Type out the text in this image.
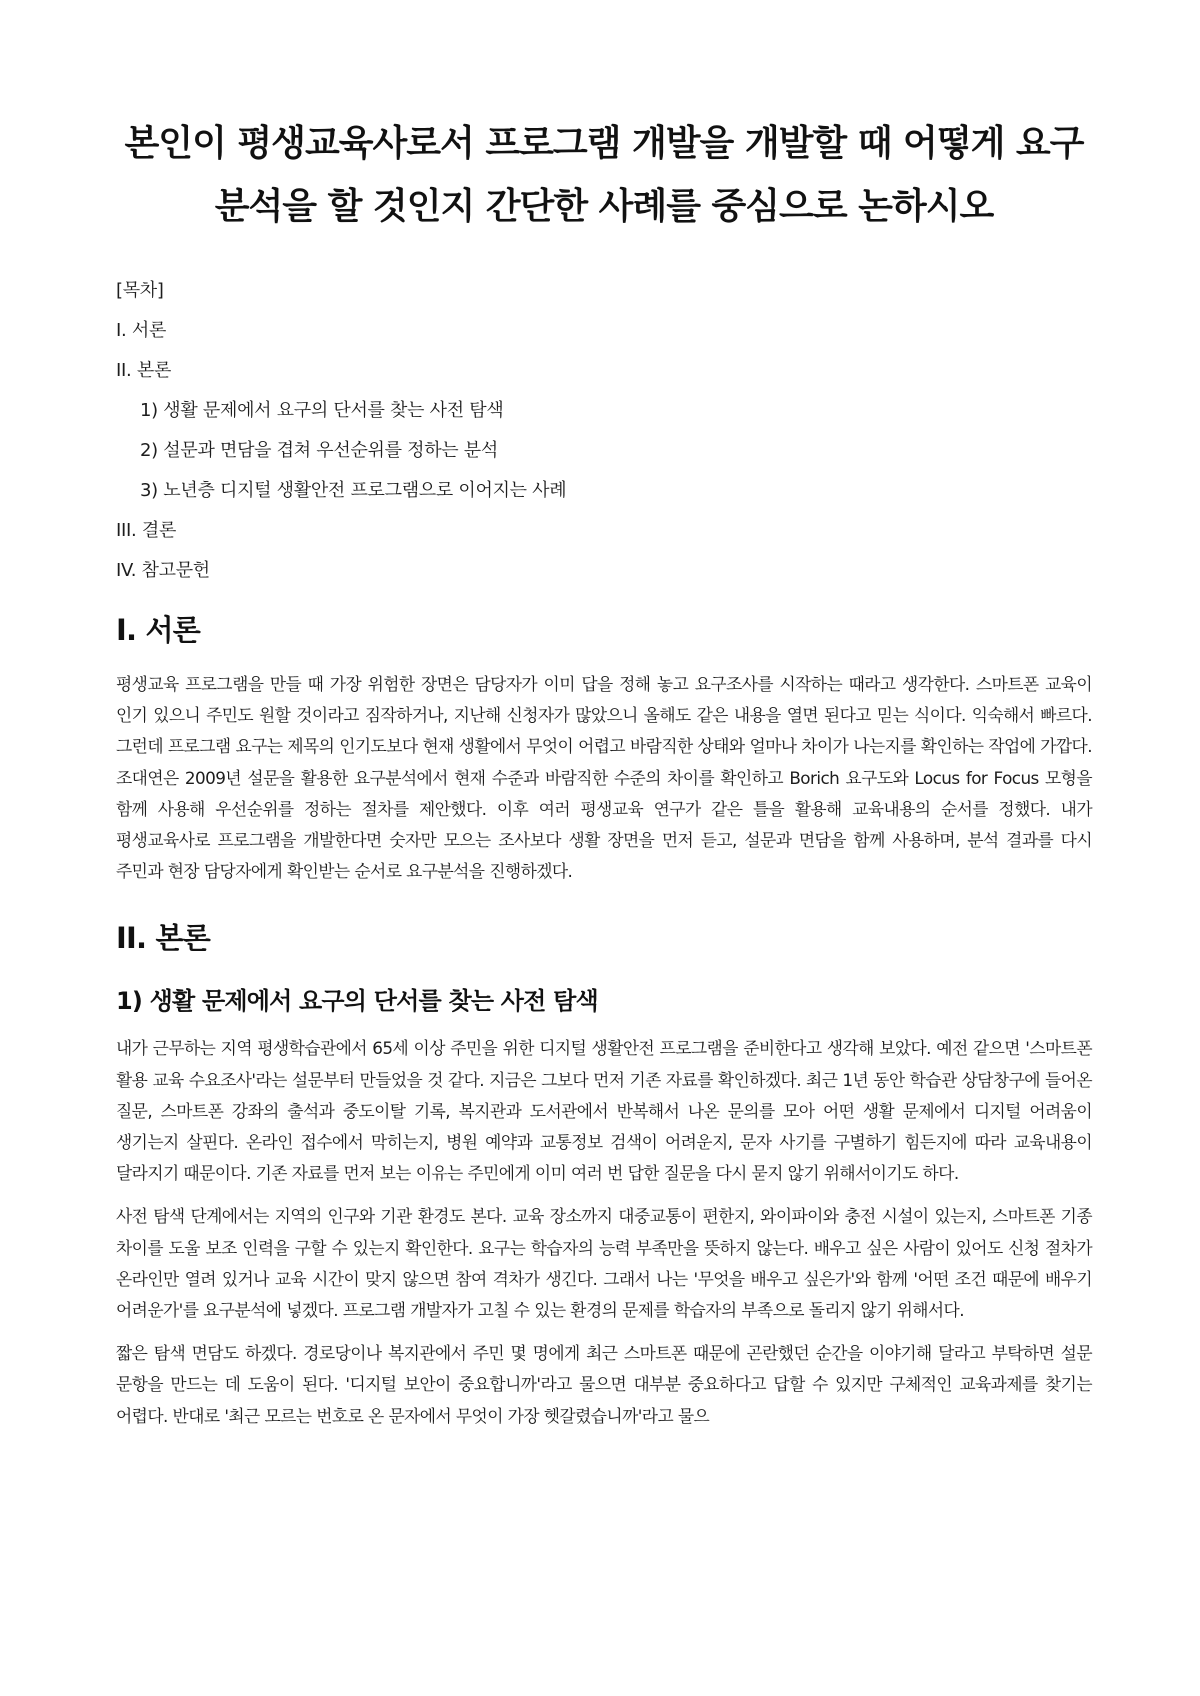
본인이 평생교육사로서 프로그램 개발을 개발할 때 어떻게 요구분석을 할 것인지 간단한 사례를 중심으로 논하시오
[목차]
I. 서론
II. 본론
1) 생활 문제에서 요구의 단서를 찾는 사전 탐색
2) 설문과 면담을 겹쳐 우선순위를 정하는 분석
3) 노년층 디지털 생활안전 프로그램으로 이어지는 사례
III. 결론
IV. 참고문헌
I. 서론

평생교육 프로그램을 만들 때 가장 위험한 장면은 담당자가 이미 답을 정해 놓고 요구조사를 시작하는 때라고 생각한다. 스마트폰 교육이 인기 있으니 주민도 원할 것이라고 짐작하거나, 지난해 신청자가 많았으니 올해도 같은 내용을 열면 된다고 믿는 식이다. 익숙해서 빠르다. 그런데 프로그램 요구는 제목의 인기도보다 현재 생활에서 무엇이 어렵고 바람직한 상태와 얼마나 차이가 나는지를 확인하는 작업에 가깝다. 조대연은 2009년 설문을 활용한 요구분석에서 현재 수준과 바람직한 수준의 차이를 확인하고 Borich 요구도와 Locus for Focus 모형을 함께 사용해 우선순위를 정하는 절차를 제안했다. 이후 여러 평생교육 연구가 같은 틀을 활용해 교육내용의 순서를 정했다. 내가 평생교육사로 프로그램을 개발한다면 숫자만 모으는 조사보다 생활 장면을 먼저 듣고, 설문과 면담을 함께 사용하며, 분석 결과를 다시 주민과 현장 담당자에게 확인받는 순서로 요구분석을 진행하겠다.

II. 본론
1) 생활 문제에서 요구의 단서를 찾는 사전 탐색

내가 근무하는 지역 평생학습관에서 65세 이상 주민을 위한 디지털 생활안전 프로그램을 준비한다고 생각해 보았다. 예전 같으면 '스마트폰 활용 교육 수요조사'라는 설문부터 만들었을 것 같다. 지금은 그보다 먼저 기존 자료를 확인하겠다. 최근 1년 동안 학습관 상담창구에 들어온 질문, 스마트폰 강좌의 출석과 중도이탈 기록, 복지관과 도서관에서 반복해서 나온 문의를 모아 어떤 생활 문제에서 디지털 어려움이 생기는지 살핀다. 온라인 접수에서 막히는지, 병원 예약과 교통정보 검색이 어려운지, 문자 사기를 구별하기 힘든지에 따라 교육내용이 달라지기 때문이다. 기존 자료를 먼저 보는 이유는 주민에게 이미 여러 번 답한 질문을 다시 묻지 않기 위해서이기도 하다.

사전 탐색 단계에서는 지역의 인구와 기관 환경도 본다. 교육 장소까지 대중교통이 편한지, 와이파이와 충전 시설이 있는지, 스마트폰 기종 차이를 도울 보조 인력을 구할 수 있는지 확인한다. 요구는 학습자의 능력 부족만을 뜻하지 않는다. 배우고 싶은 사람이 있어도 신청 절차가 온라인만 열려 있거나 교육 시간이 맞지 않으면 참여 격차가 생긴다. 그래서 나는 '무엇을 배우고 싶은가'와 함께 '어떤 조건 때문에 배우기 어려운가'를 요구분석에 넣겠다. 프로그램 개발자가 고칠 수 있는 환경의 문제를 학습자의 부족으로 돌리지 않기 위해서다.

짧은 탐색 면담도 하겠다. 경로당이나 복지관에서 주민 몇 명에게 최근 스마트폰 때문에 곤란했던 순간을 이야기해 달라고 부탁하면 설문 문항을 만드는 데 도움이 된다. '디지털 보안이 중요합니까'라고 물으면 대부분 중요하다고 답할 수 있지만 구체적인 교육과제를 찾기는 어렵다. 반대로 '최근 모르는 번호로 온 문자에서 무엇이 가장 헷갈렸습니까'라고 물으
